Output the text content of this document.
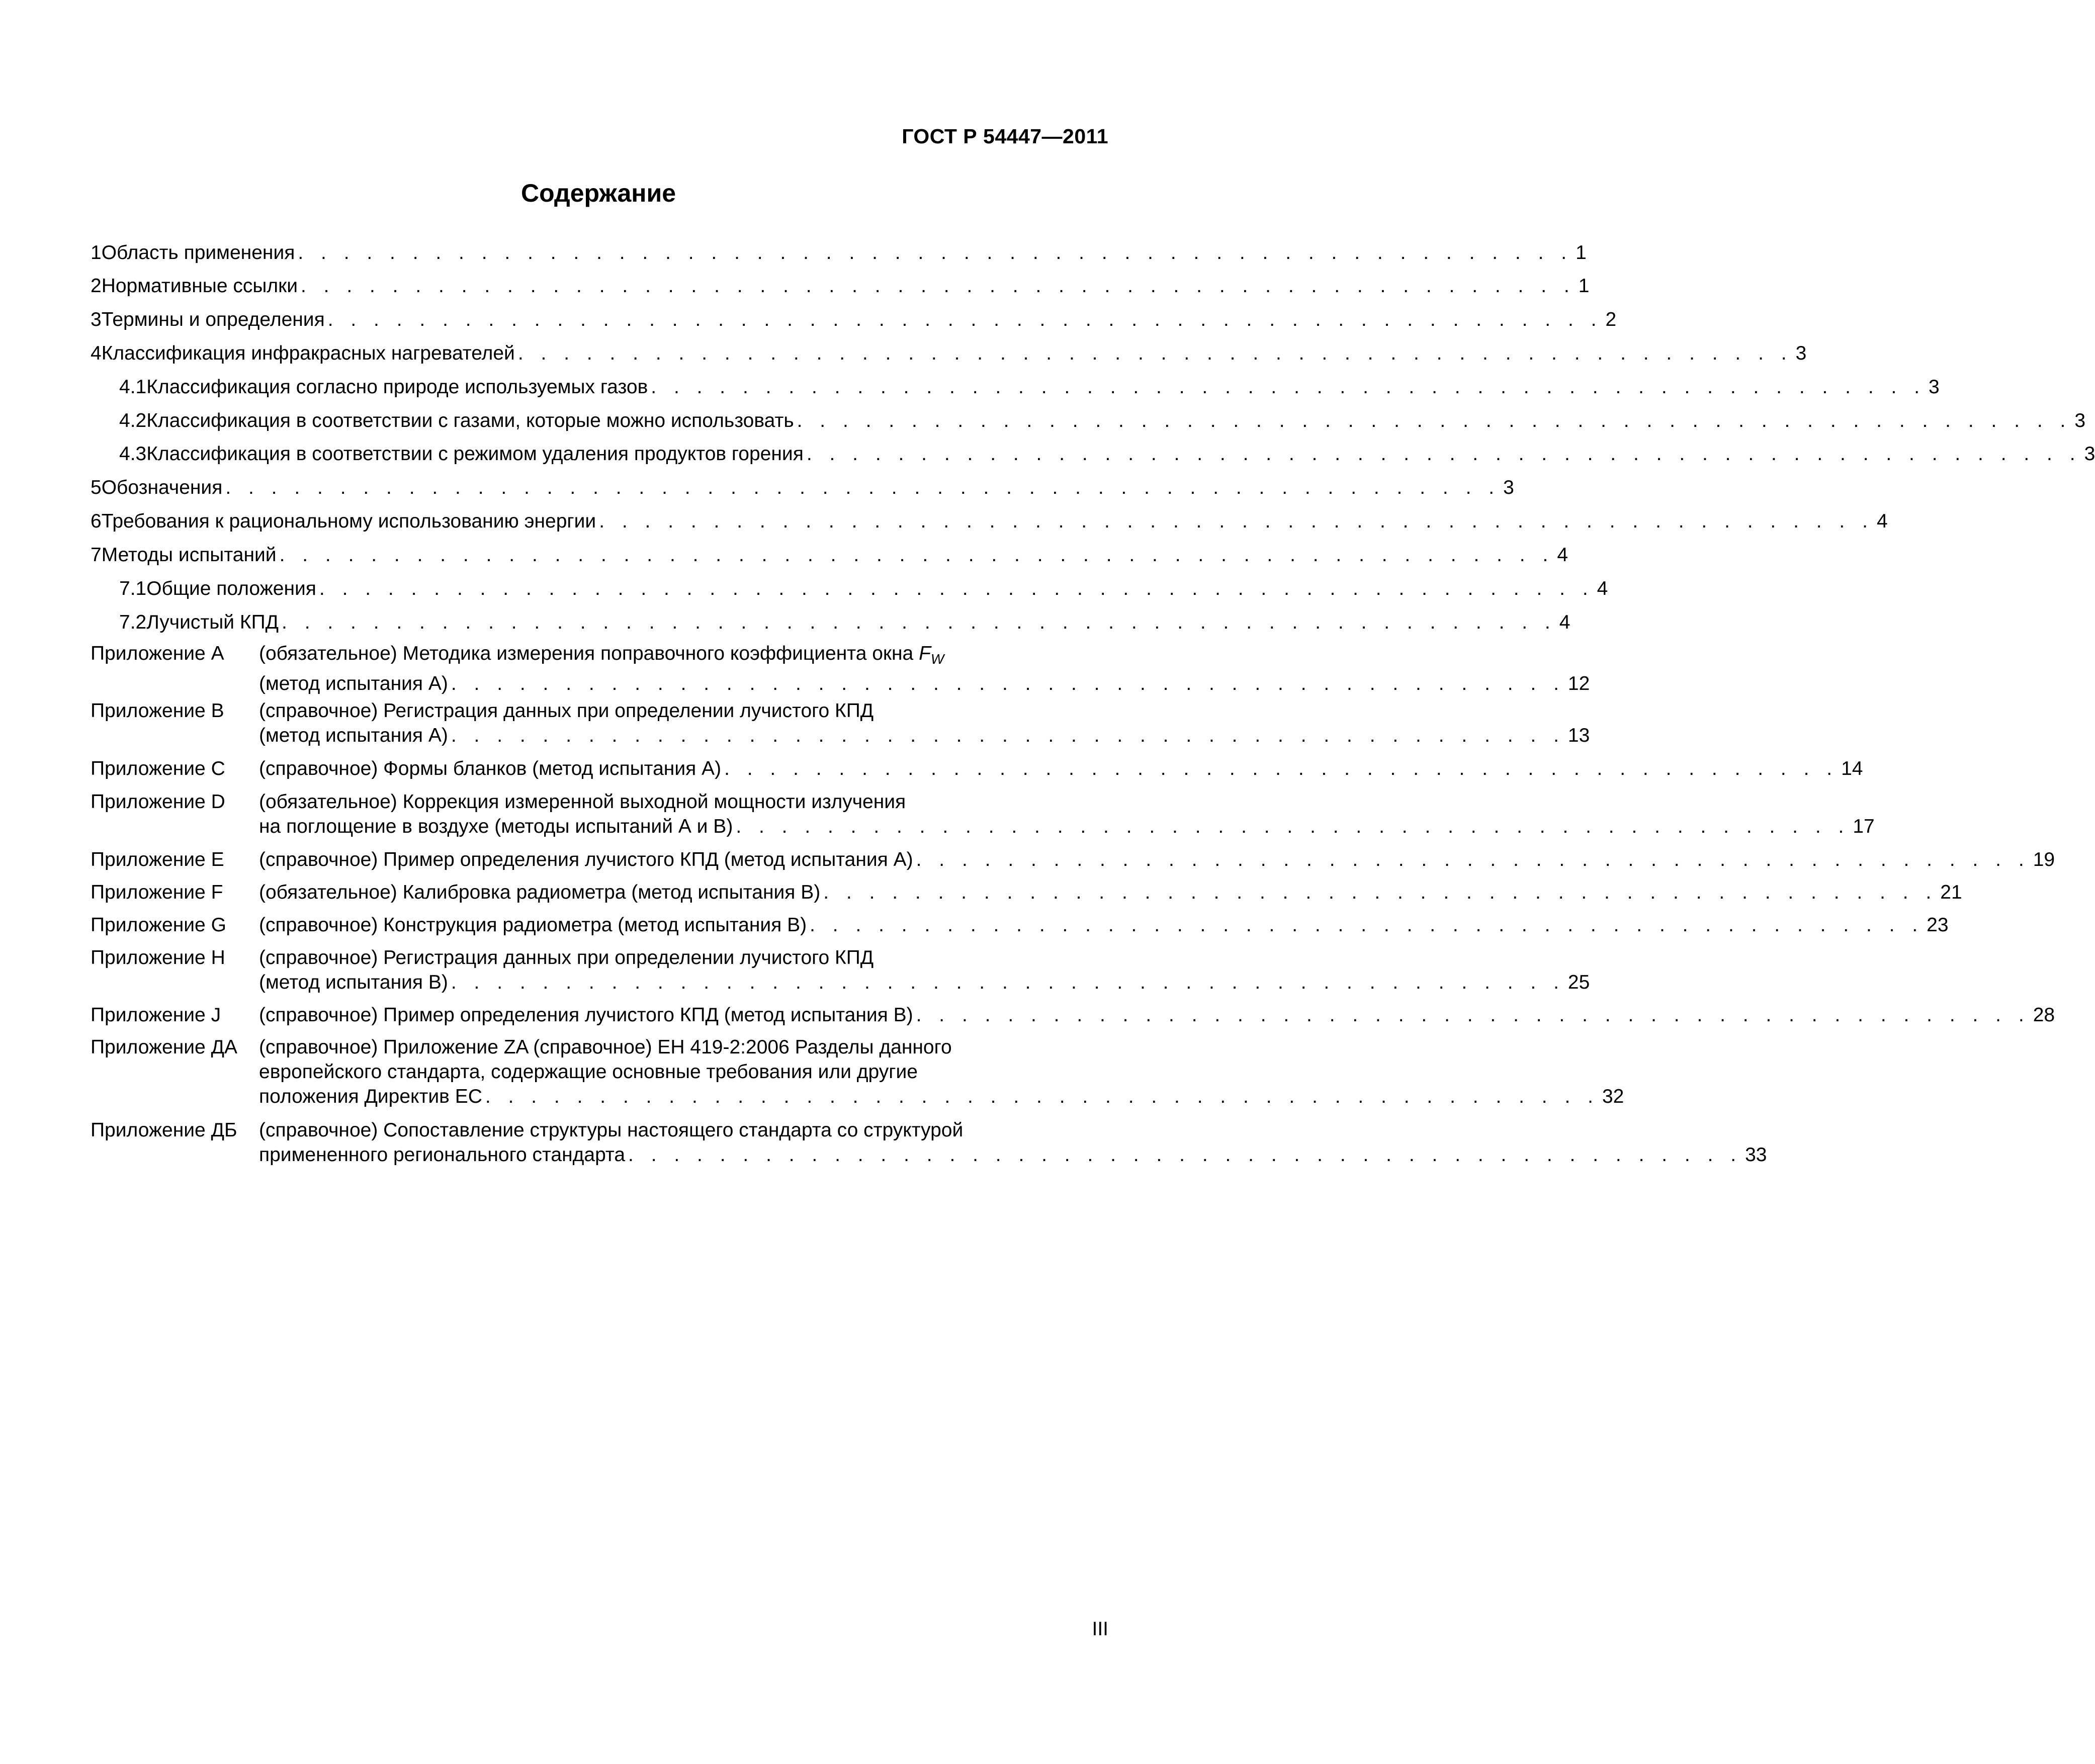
ГОСТ Р 54447—2011
Содержание
1 Область применения . . . . . . . . . . . . . . . . . . . . . . . . . . . . . . . . . . . . . . . . . . . . . . . . . . . . . . . . 1
2 Нормативные ссылки . . . . . . . . . . . . . . . . . . . . . . . . . . . . . . . . . . . . . . . . . . . . . . . . . . . . . . . . 1
3 Термины и определения . . . . . . . . . . . . . . . . . . . . . . . . . . . . . . . . . . . . . . . . . . . . . . . . . . . . . . . . 2
4 Классификация инфракрасных нагревателей . . . . . . . . . . . . . . . . . . . . . . . . . . . . . . . . . . . . . . . . . . . . . . . . . . . . . . . . 3
4.1 Классификация согласно природе используемых газов . . . . . . . . . . . . . . . . . . . . . . . . . . . . . . . . . . . . . . . . . . . . . . . . . . . . . . . . 3
4.2 Классификация в соответствии с газами, которые можно использовать . . . . . . . . . . . . . . . . . . . . . . . . . . . . . . . . . . . . . . . . . . . . . . . . . . . . . . . . 3
4.3 Классификация в соответствии с режимом удаления продуктов горения . . . . . . . . . . . . . . . . . . . . . . . . . . . . . . . . . . . . . . . . . . . . . . . . . . . . . . . . 3
5 Обозначения . . . . . . . . . . . . . . . . . . . . . . . . . . . . . . . . . . . . . . . . . . . . . . . . . . . . . . . . 3
6 Требования к рациональному использованию энергии . . . . . . . . . . . . . . . . . . . . . . . . . . . . . . . . . . . . . . . . . . . . . . . . . . . . . . . . 4
7 Методы испытаний . . . . . . . . . . . . . . . . . . . . . . . . . . . . . . . . . . . . . . . . . . . . . . . . . . . . . . . . 4
7.1 Общие положения . . . . . . . . . . . . . . . . . . . . . . . . . . . . . . . . . . . . . . . . . . . . . . . . . . . . . . . . 4
7.2 Лучистый КПД . . . . . . . . . . . . . . . . . . . . . . . . . . . . . . . . . . . . . . . . . . . . . . . . . . . . . . . . 4
Приложение А	(обязательное) Методика измерения поправочного коэффициента окна
$F_W$
(метод испытания А) . . . . . . . . . . . . . . . . . . . . . . . . . . . . . . . . . . . . . . . . . . . . . . . . . 12
Приложение В	(справочное) Регистрация данных при определении лучистого КПД
(метод испытания А) . . . . . . . . . . . . . . . . . . . . . . . . . . . . . . . . . . . . . . . . . . . . . . . . . 13
Приложение С	(справочное) Формы бланков (метод испытания А) . . . . . . . . . . . . . . . . . . . . . . . . . . . . . . . . . . . . . . . . . . . . . . . . . 14
Приложение D	(обязательное) Коррекция измеренной выходной мощности излучения
на поглощение в воздухе (методы испытаний А и В) . . . . . . . . . . . . . . . . . . . . . . . . . . . . . . . . . . . . . . . . . . . . . . . . . 17
Приложение Е	(справочное) Пример определения лучистого КПД (метод испытания А) . . . . . . . . . . . . . . . . . . . . . . . . . . . . . . . . . . . . . . . . . . . . . . . . . 19
Приложение F	(обязательное) Калибровка радиометра (метод испытания В) . . . . . . . . . . . . . . . . . . . . . . . . . . . . . . . . . . . . . . . . . . . . . . . . . 21
Приложение G	(справочное) Конструкция радиометра (метод испытания В) . . . . . . . . . . . . . . . . . . . . . . . . . . . . . . . . . . . . . . . . . . . . . . . . . 23
Приложение Н	(справочное) Регистрация данных при определении лучистого КПД
(метод испытания В) . . . . . . . . . . . . . . . . . . . . . . . . . . . . . . . . . . . . . . . . . . . . . . . . . 25
Приложение J	(справочное) Пример определения лучистого КПД (метод испытания В) . . . . . . . . . . . . . . . . . . . . . . . . . . . . . . . . . . . . . . . . . . . . . . . . . 28
Приложение ДА	(справочное) Приложение ZA (справочное) ЕН 419-2:2006 Разделы данного
европейского стандарта, содержащие основные требования или другие
положения Директив ЕС . . . . . . . . . . . . . . . . . . . . . . . . . . . . . . . . . . . . . . . . . . . . . . . . . 32
Приложение ДБ	(справочное) Сопоставление структуры настоящего стандарта со структурой
примененного регионального стандарта . . . . . . . . . . . . . . . . . . . . . . . . . . . . . . . . . . . . . . . . . . . . . . . . . 33
III
